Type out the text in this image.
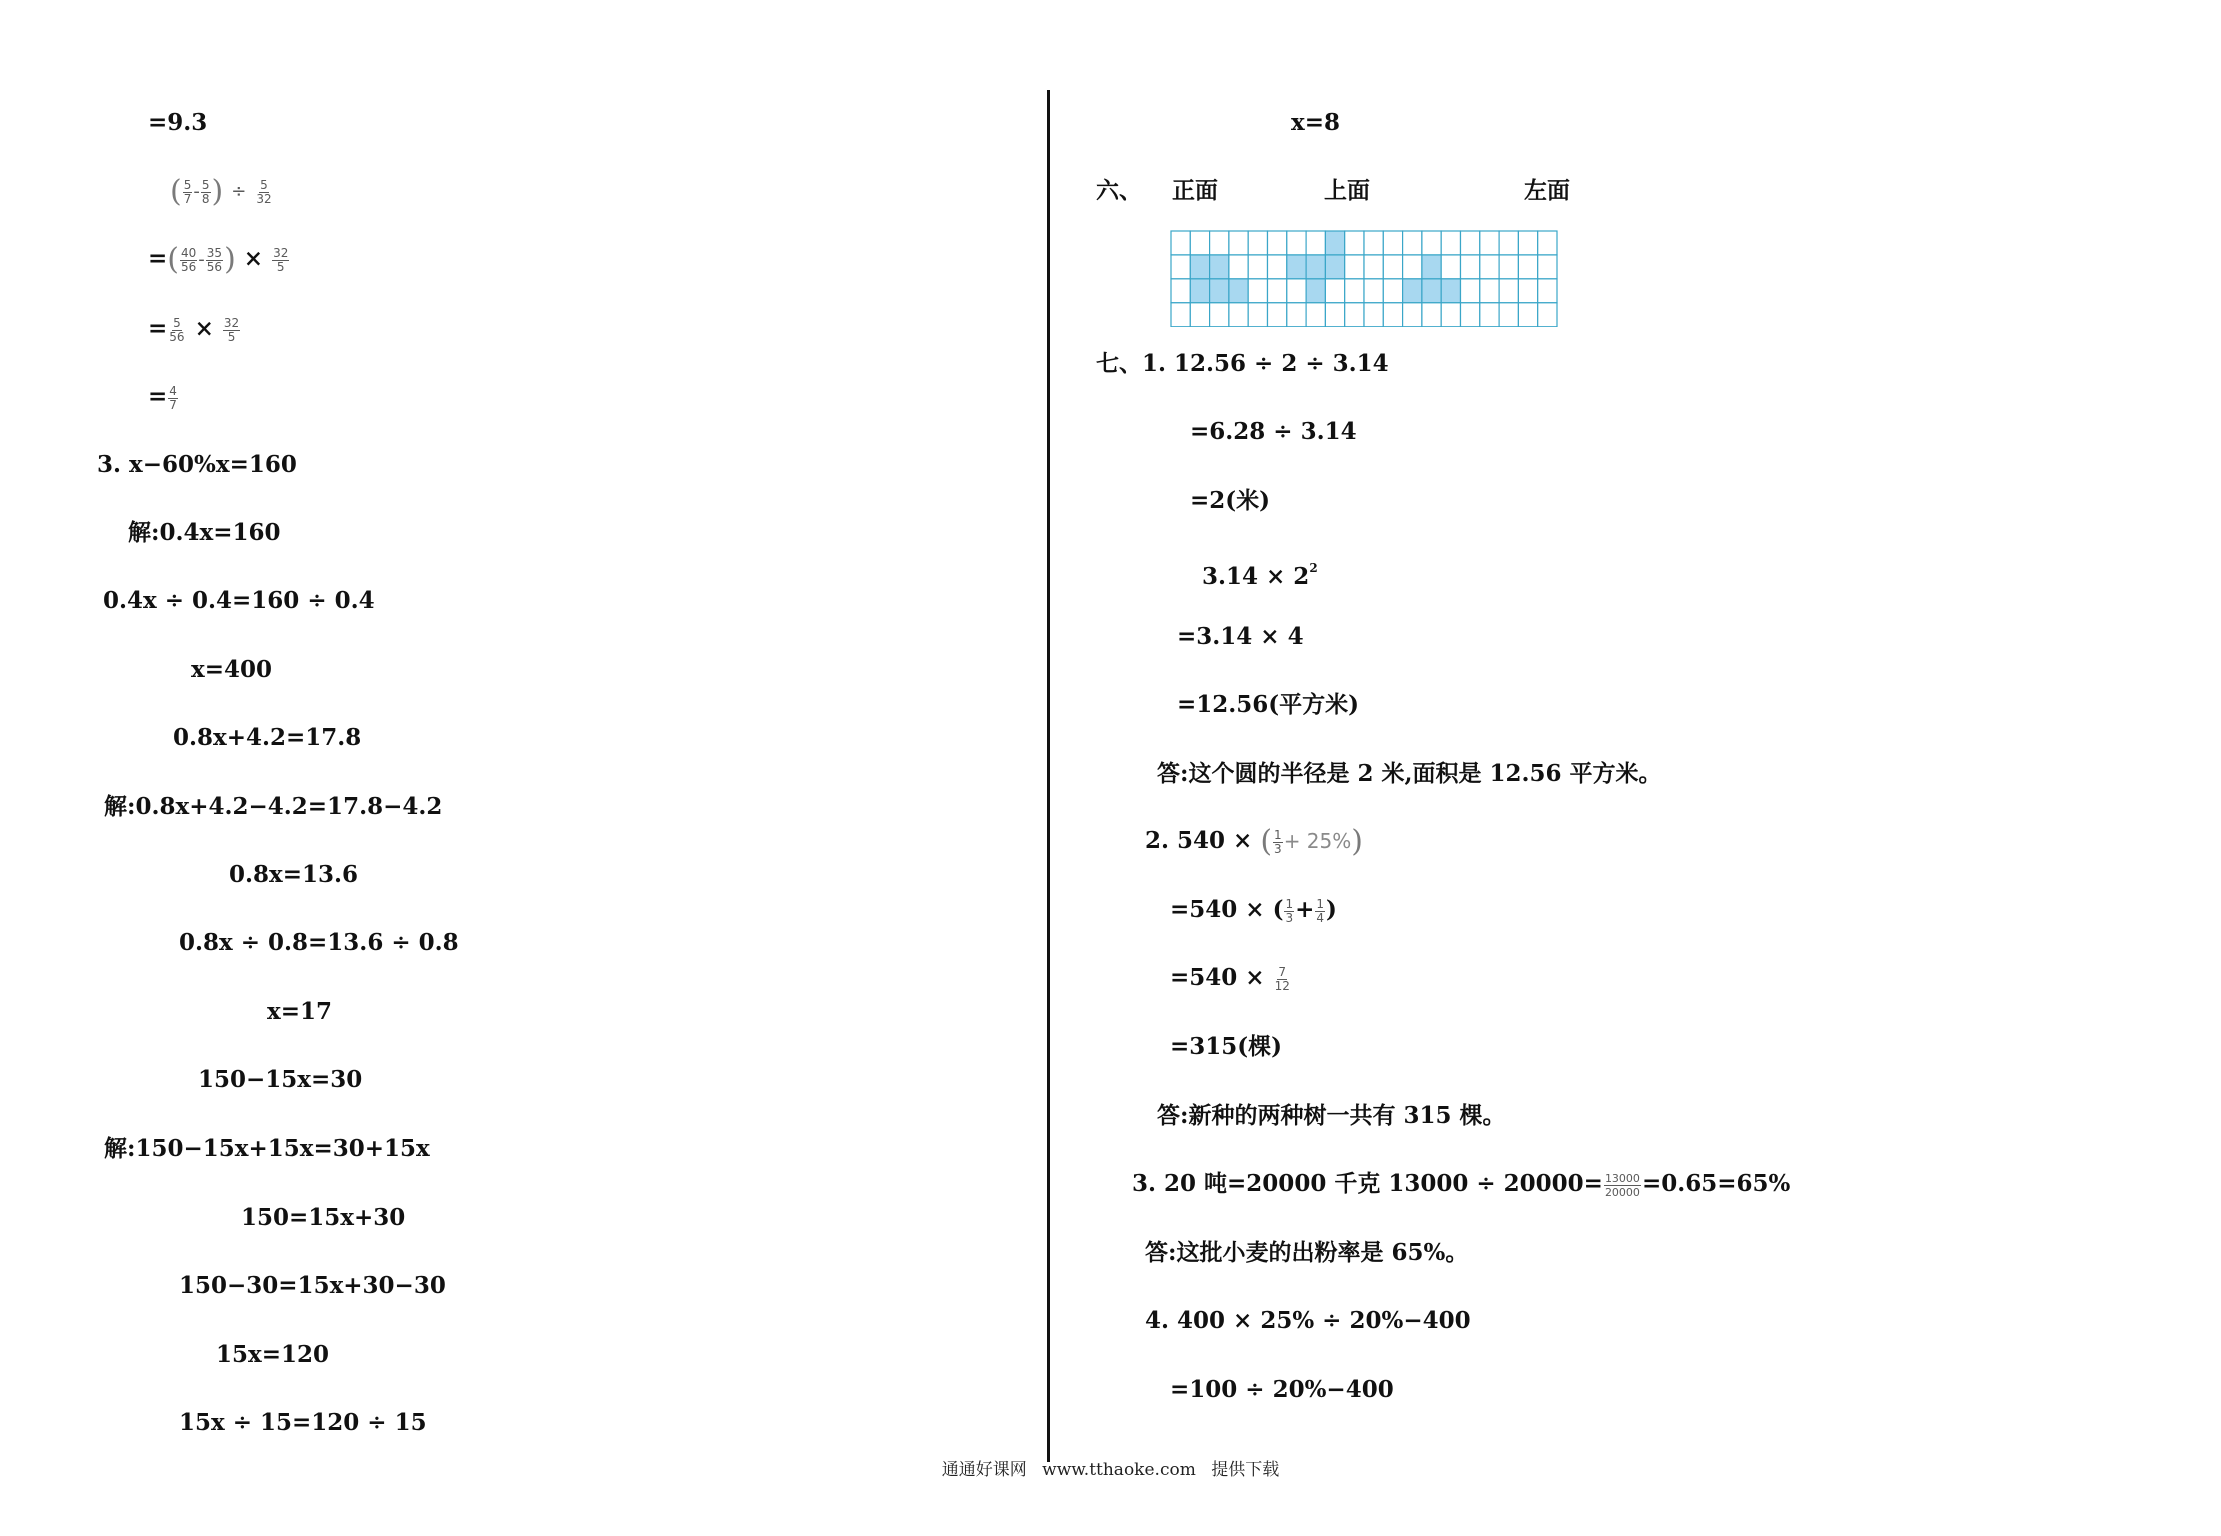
=9.3
( $\frac{5}{7} - \frac{5}{8}$ ) ÷ $\frac{5}{32}$
=( $\frac{40}{56} - \frac{35}{56}$ ) × $\frac{32}{5}$
= $\frac{5}{56} \times \frac{32}{5}$
= $\frac{4}{7}$
3. x−60%x=160
解:0.4x=160
0.4x ÷ 0.4=160 ÷ 0.4
x=400
0.8x+4.2=17.8
解:0.8x+4.2−4.2=17.8−4.2
0.8x=13.6
0.8x ÷ 0.8=13.6 ÷ 0.8
x=17
150−15x=30
解:150−15x+15x=30+15x
150=15x+30
150−30=15x+30−30
15x=120
15x ÷ 15=120 ÷ 15
x=8
六、 正面	上面	左面
七、1. 12.56 ÷ 2 ÷ 3.14
=6.28 ÷ 3.14
=2(米)
$3.14 \times 2^2$
=3.14 × 4
=12.56(平方米)
答:这个圆的半径是 2 米,面积是 12.56 平方米。
2. 540 × ( $\frac{1}{3} + 25\%$)
=540 × ( $\frac{1}{3} + \frac{1}{4}$ )
$=540 \times \frac{7}{12}$
=315(棵)
答:新种的两种树一共有 315 棵。
3. 20 吨=20000 千克 $13000 \div 20000= \frac{13000}{20000} =0.65=65\%$
答:这批小麦的出粉率是 65%。
4. 400 × 25% ÷ 20%−400
=100 ÷ 20%−400
通通好课网 www.tthaoke.com 提供下载
